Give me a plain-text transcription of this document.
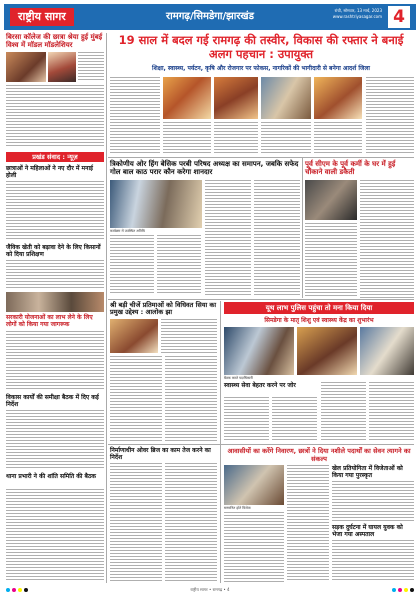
राष्ट्रीय सागर	रामगढ़/सिमडेगा/झारखंड
रांची, सोमवार, 13 मार्च, 2023
www.rashtriyasagar.com 4
बिरसा कॉलेज की छात्रा श्रेया हुई मुंबई विश्व में मॉडल मॉडलेशियर
प्रखंड संवाद : न्यूज़
छात्राओं ने महिलाओं ने नए दौर में मनाई होली
जैविक खेती को बढ़ावा देने के लिए किसानों को दिया प्रशिक्षण
सरकारी योजनाओं का लाभ लेने के लिए लोगों को किया गया जागरूक
विकास कार्यों की समीक्षा बैठक में दिए कई निर्देश
थाना प्रभारी ने की शांति समिति की बैठक
19 साल में बदल गई रामगढ़ की तस्वीर, विकास की रफ्तार ने बनाई अलग पहचान : उपायुक्त
शिक्षा, स्वास्थ्य, पर्यटन, कृषि और रोजगार पर फोकस, नागरिकों की भागीदारी से बनेगा आदर्श जिला
त्रिकोणीय ओर हिंग बेसिक परबी परिषद अध्यक्ष का समापन, जबकि सफेद गोल बाल काठ परार कौन करेगा शानदार
कार्यक्रम में उपस्थित अतिथि
पूर्व सीएम के पूर्व कर्मी के घर में हुई चौंकाने वाली डकैती
श्री बड़ी चीजें प्रतिमाओं को विधिवत सिया का प्रमुख उद्देश्य : आलोक झा	यूथ लाभ पुलिस पहुंचा तो मना किया दिया
सिमडेगा के मातृ शिशु एवं स्वास्थ्य केंद्र का शुभारंभ
बैठक करते पदाधिकारी
स्वास्थ्य सेवा बेहतर करने पर जोर
निर्माणाधीन ओवर ब्रिज का काम तेज करने का निर्देश
आवासीयों का करेंगे निवारण, छात्रों ने दिया नशीले पदार्थों का सेवन त्यागने का संकल्प
सम्मानित होते विजेता
खेल प्रतियोगिता में विजेताओं को किया गया पुरस्कृत
सड़क दुर्घटना में घायल युवक को भेजा गया अस्पताल
राष्ट्रीय सागर • रामगढ़ • 4
